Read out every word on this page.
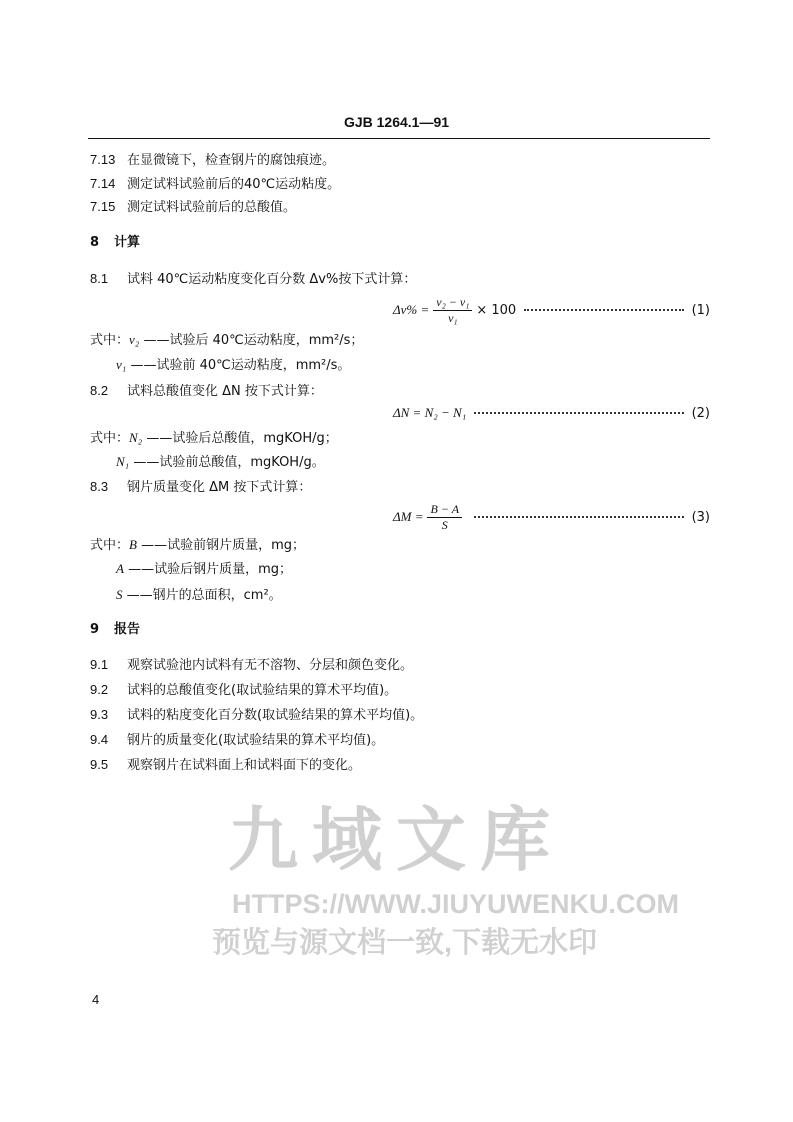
GJB 1264.1—91
九域文库
HTTPS://WWW.JIUYUWENKU.COM
预览与源文档一致,下载无水印
7.13 在显微镜下，检查钢片的腐蚀痕迹。
7.14 测定试料试验前后的40℃运动粘度。
7.15 测定试料试验前后的总酸值。
8 计算
8.1 试料 40℃运动粘度变化百分数 Δv%按下式计算：
$\Delta v\% = \frac{\text{v₂ − v₁}}{\text{v₁}} \times 100$	(1)
式中：v₂ ——试验后 40℃运动粘度，mm²/s；
v₁ ——试验前 40℃运动粘度，mm²/s。
8.2 试料总酸值变化 ΔN 按下式计算：
ΔN = N₂ − N₁	(2)
式中：N₂ ——试验后总酸值，mgKOH/g；
N₁ ——试验前总酸值，mgKOH/g。
8.3 钢片质量变化 ΔM 按下式计算：
$\Delta M = \frac{B - A}{S}$	(3)
式中：B ——试验前钢片质量，mg；
A ——试验后钢片质量，mg；
S ——钢片的总面积，cm²。
9 报告
9.1 观察试验池内试料有无不溶物、分层和颜色变化。
9.2 试料的总酸值变化(取试验结果的算术平均值)。
9.3 试料的粘度变化百分数(取试验结果的算术平均值)。
9.4 钢片的质量变化(取试验结果的算术平均值)。
9.5 观察钢片在试料面上和试料面下的变化。
4
